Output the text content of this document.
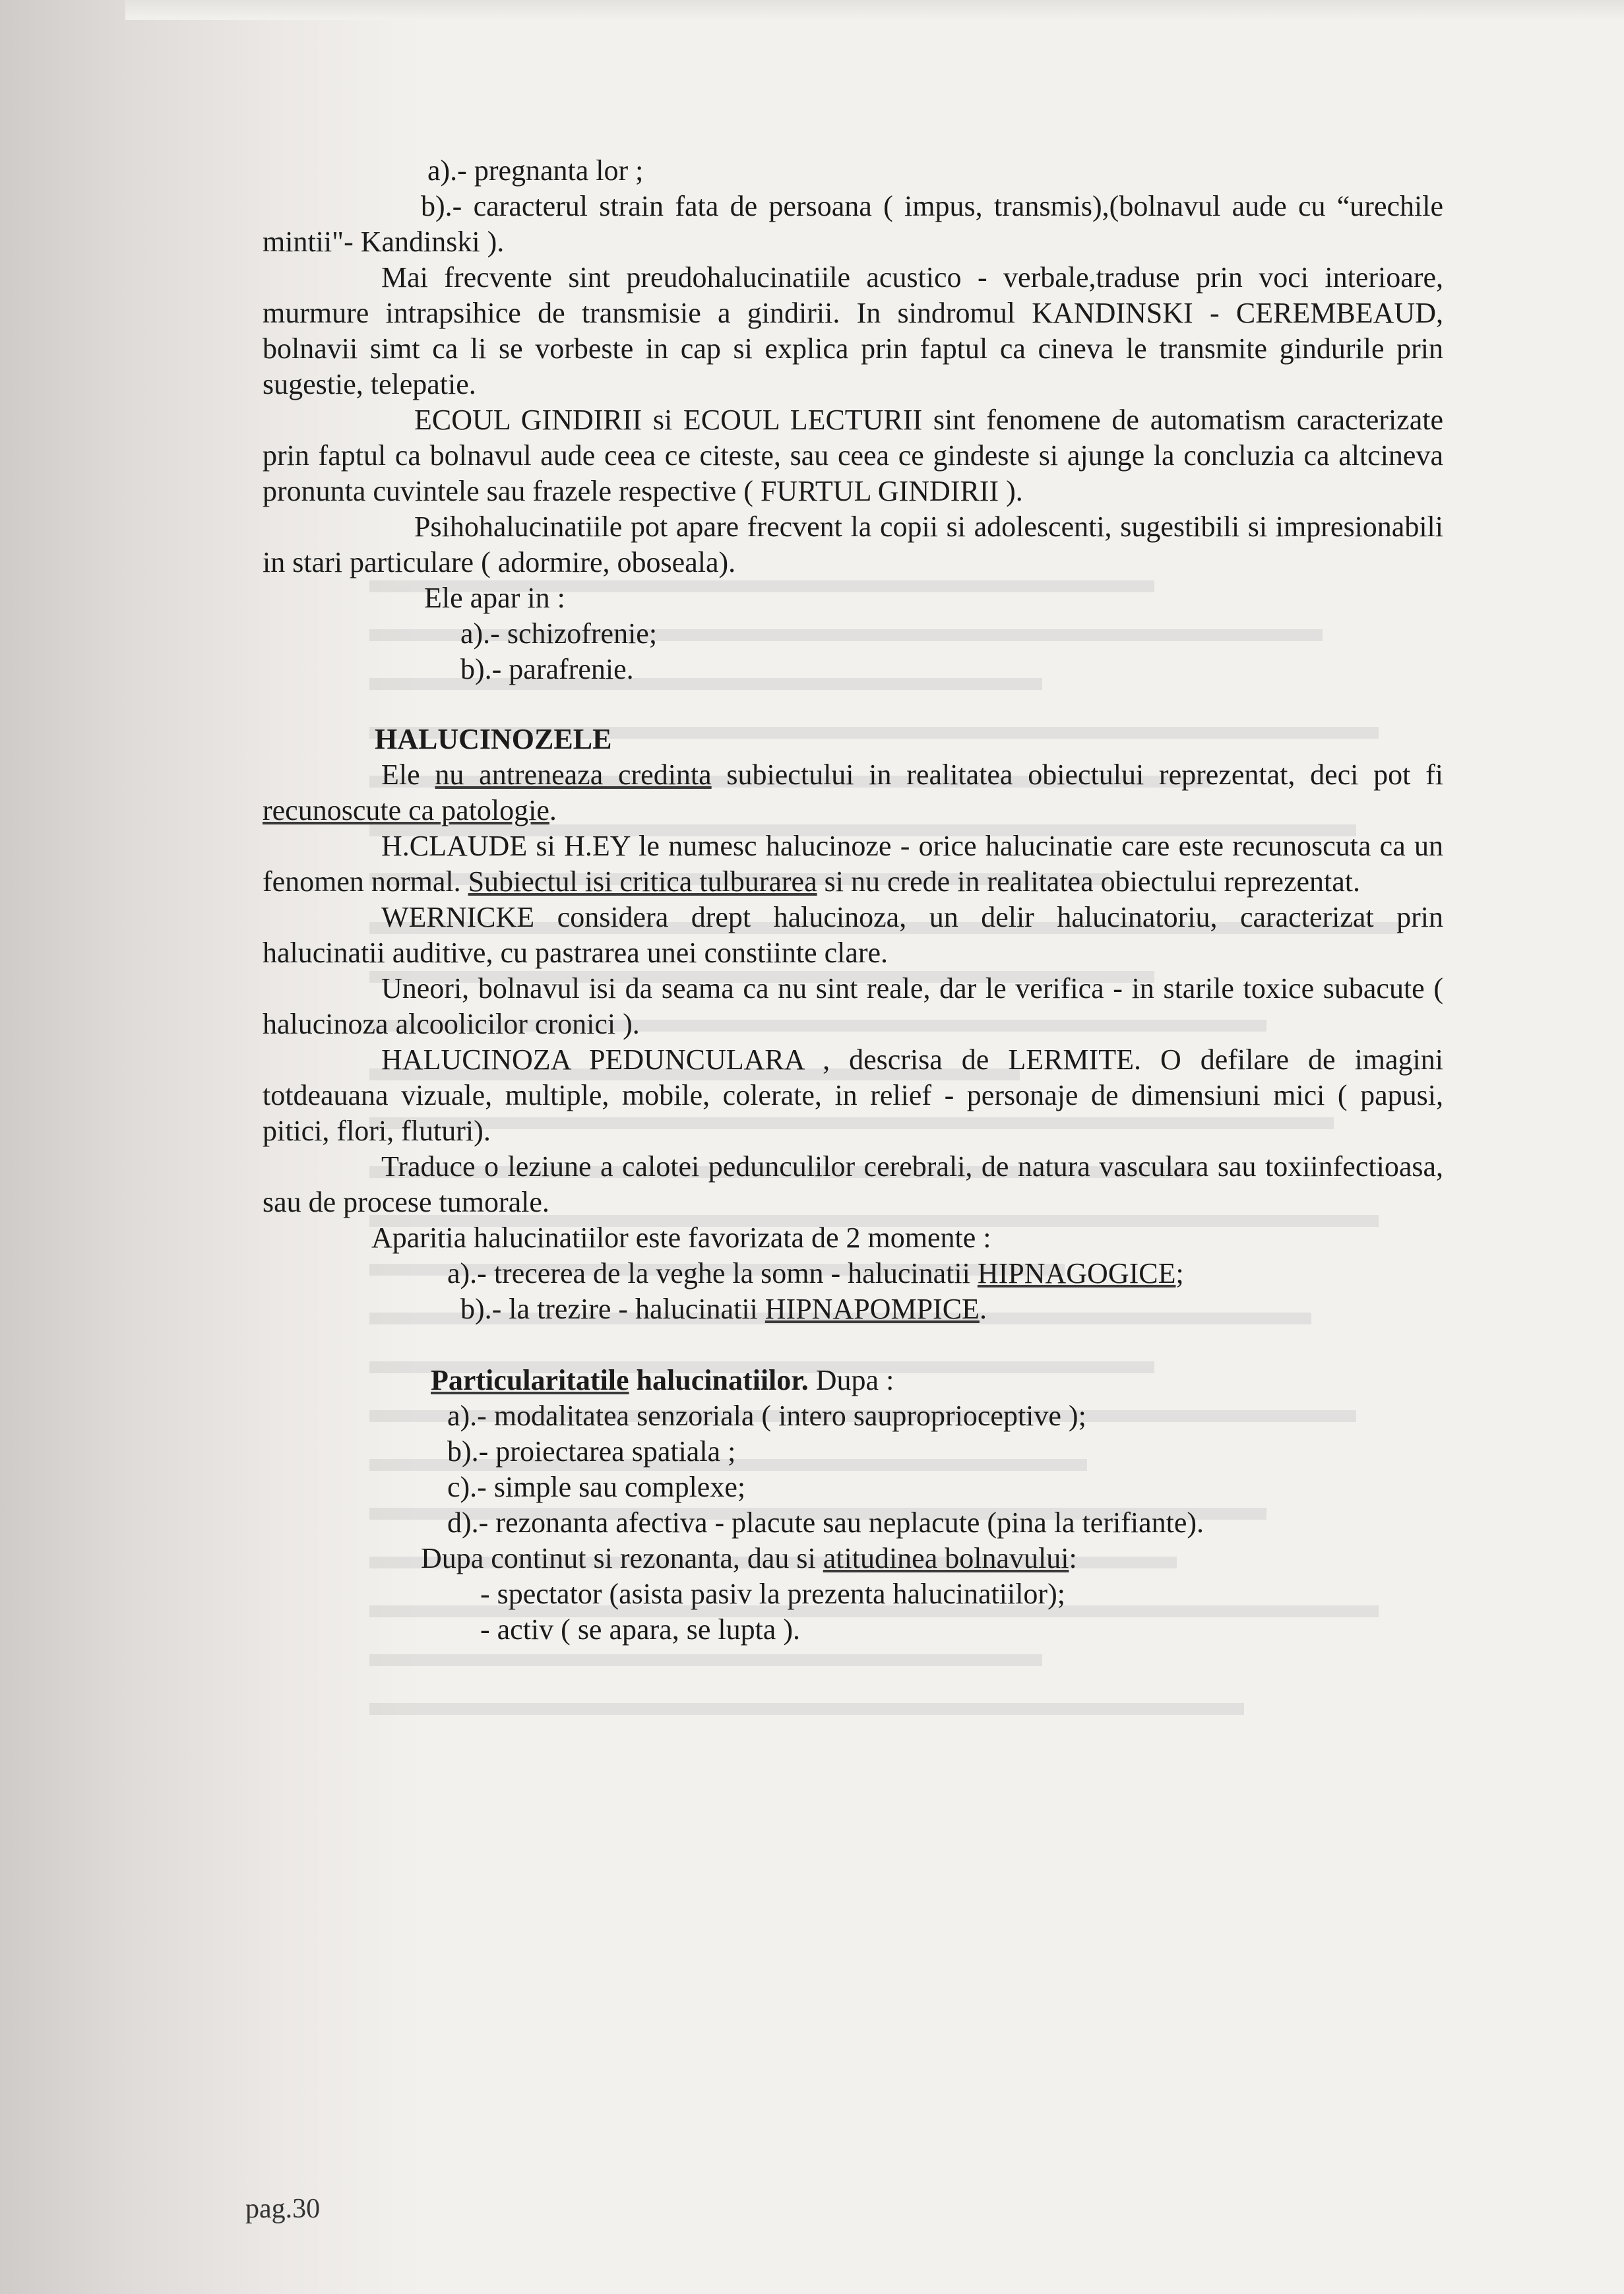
a).- pregnanta lor ;

b).- caracterul strain fata de persoana ( impus, transmis),(bolnavul aude cu “urechile mintii"- Kandinski ).

Mai frecvente sint preudohalucinatiile acustico - verbale,traduse prin voci interioare, murmure intrapsihice de transmisie a gindirii. In sindromul KANDINSKI - CEREMBEAUD, bolnavii simt ca li se vorbeste in cap si explica prin faptul ca cineva le transmite gindurile prin sugestie, telepatie.

ECOUL GINDIRII si ECOUL LECTURII sint fenomene de automatism caracterizate prin faptul ca bolnavul aude ceea ce citeste, sau ceea ce gindeste si ajunge la concluzia ca altcineva pronunta cuvintele sau frazele respective ( FURTUL GINDIRII ).

Psihohalucinatiile pot apare frecvent la copii si adolescenti, sugestibili si impresionabili in stari particulare ( adormire, oboseala).

Ele apar in :

a).- schizofrenie;

b).- parafrenie.

HALUCINOZELE

Ele nu antreneaza credinta subiectului in realitatea obiectului reprezentat, deci pot fi recunoscute ca patologie.

H.CLAUDE si H.EY le numesc halucinoze - orice halucinatie care este recunoscuta ca un fenomen normal. Subiectul isi critica tulburarea si nu crede in realitatea obiectului reprezentat.

WERNICKE considera drept halucinoza, un delir halucinatoriu, caracterizat prin halucinatii auditive, cu pastrarea unei constiinte clare.

Uneori, bolnavul isi da seama ca nu sint reale, dar le verifica - in starile toxice subacute ( halucinoza alcoolicilor cronici ).

HALUCINOZA PEDUNCULARA , descrisa de LERMITE. O defilare de imagini totdeauana vizuale, multiple, mobile, colerate, in relief - personaje de dimensiuni mici ( papusi, pitici, flori, fluturi).

Traduce o leziune a calotei pedunculilor cerebrali, de natura vasculara sau toxiinfectioasa, sau de procese tumorale.

Aparitia halucinatiilor este favorizata de 2 momente :

a).- trecerea de la veghe la somn - halucinatii HIPNAGOGICE;

b).- la trezire - halucinatii HIPNAPOMPICE.

Particularitatile halucinatiilor. Dupa :

a).- modalitatea senzoriala ( intero sauproprioceptive );

b).- proiectarea spatiala ;

c).- simple sau complexe;

d).- rezonanta afectiva - placute sau neplacute (pina la terifiante).

Dupa continut si rezonanta, dau si atitudinea bolnavului:

- spectator (asista pasiv la prezenta halucinatiilor);

- activ ( se apara, se lupta ).

pag.30
